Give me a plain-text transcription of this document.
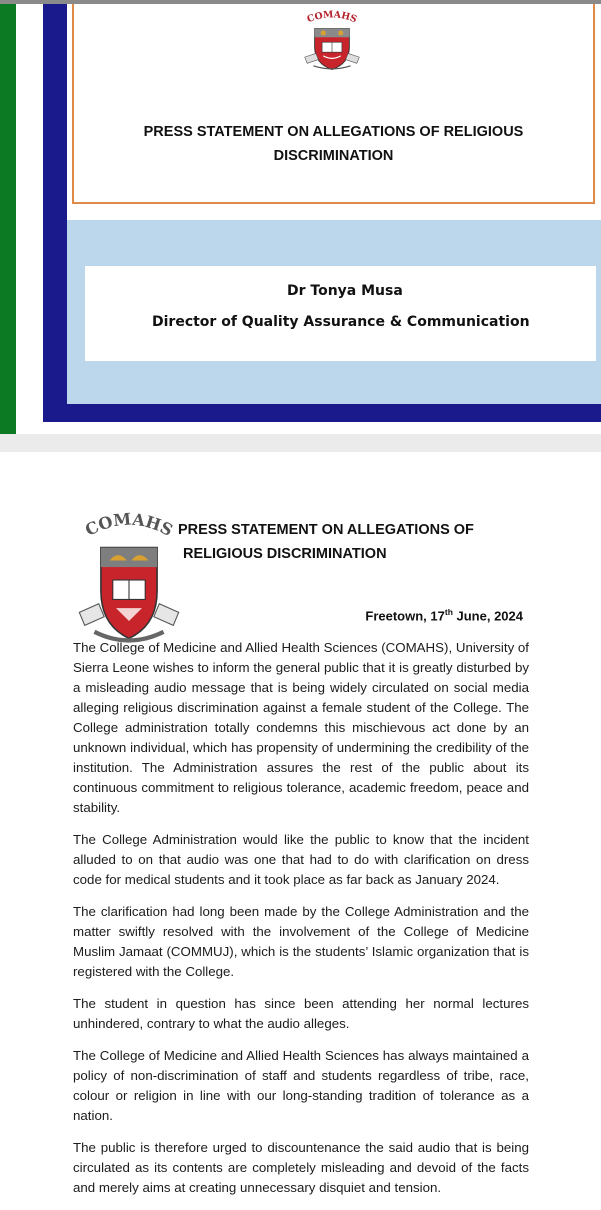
COMAHS
PRESS STATEMENT ON ALLEGATIONS OF RELIGIOUS
DISCRIMINATION
Dr Tonya Musa
Director of Quality Assurance & Communication
COMAHS PRESS STATEMENT ON ALLEGATIONS OF
RELIGIOUS DISCRIMINATION
Freetown, 17th June, 2024

The College of Medicine and Allied Health Sciences (COMAHS), University of Sierra Leone wishes to inform the general public that it is greatly disturbed by a misleading audio message that is being widely circulated on social media alleging religious discrimination against a female student of the College. The College administration totally condemns this mischievous act done by an unknown individual, which has propensity of undermining the credibility of the institution. The Administration assures the rest of the public about its continuous commitment to religious tolerance, academic freedom, peace and stability.

The College Administration would like the public to know that the incident alluded to on that audio was one that had to do with clarification on dress code for medical students and it took place as far back as January 2024.

The clarification had long been made by the College Administration and the matter swiftly resolved with the involvement of the College of Medicine Muslim Jamaat (COMMUJ), which is the students’ Islamic organization that is registered with the College.

The student in question has since been attending her normal lectures unhindered, contrary to what the audio alleges.

The College of Medicine and Allied Health Sciences has always maintained a policy of non-discrimination of staff and students regardless of tribe, race, colour or religion in line with our long-standing tradition of tolerance as a nation.

The public is therefore urged to discountenance the said audio that is being circulated as its contents are completely misleading and devoid of the facts and merely aims at creating unnecessary disquiet and tension.
